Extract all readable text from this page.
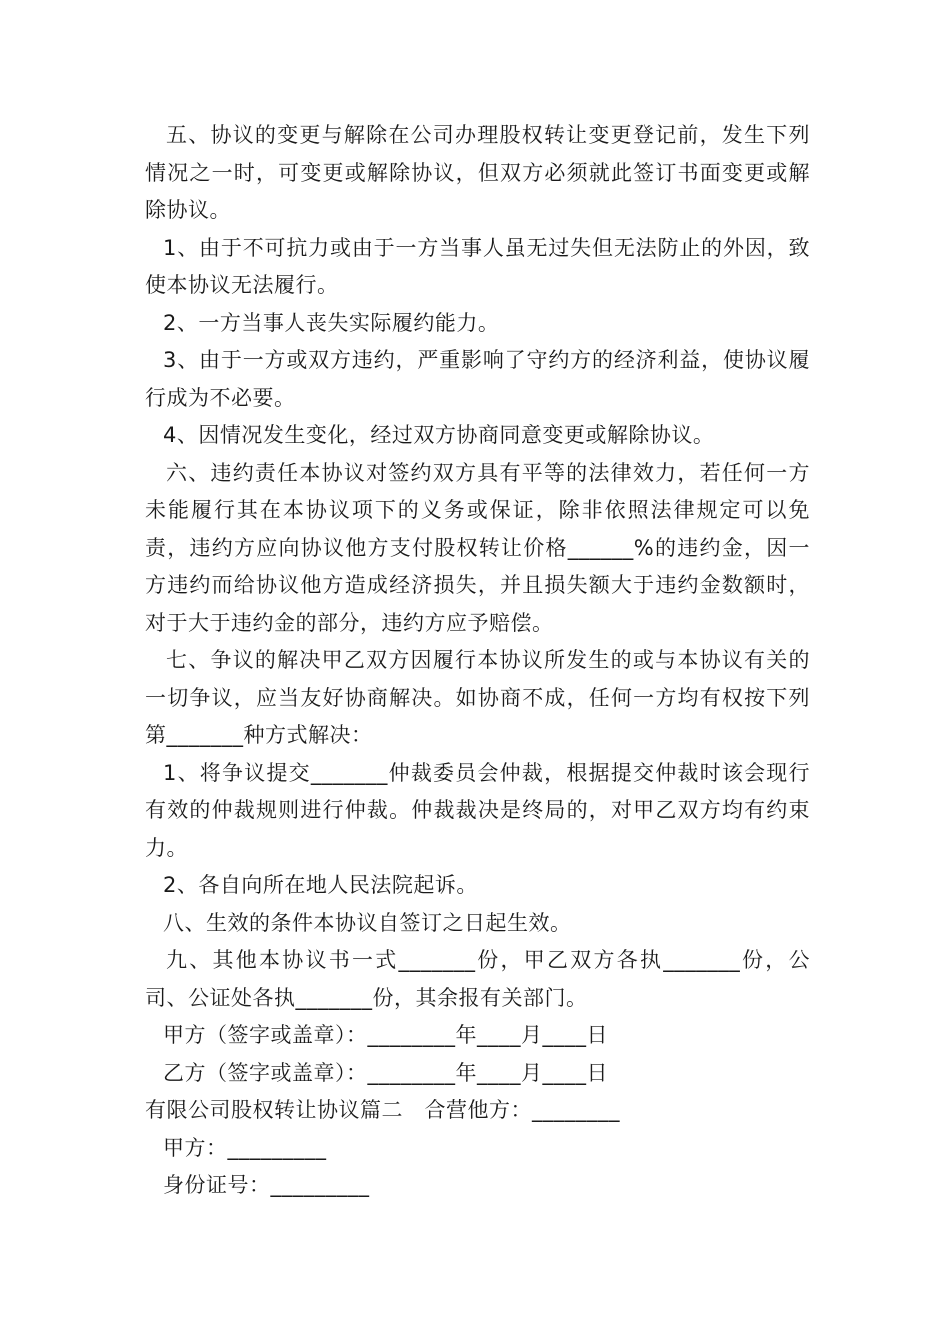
五、协议的变更与解除在公司办理股权转让变更登记前，发生下列情况之一时，可变更或解除协议，但双方必须就此签订书面变更或解除协议。

1、由于不可抗力或由于一方当事人虽无过失但无法防止的外因，致使本协议无法履行。

2、一方当事人丧失实际履约能力。

3、由于一方或双方违约，严重影响了守约方的经济利益，使协议履行成为不必要。

4、因情况发生变化，经过双方协商同意变更或解除协议。

六、违约责任本协议对签约双方具有平等的法律效力，若任何一方未能履行其在本协议项下的义务或保证，除非依照法律规定可以免责，违约方应向协议他方支付股权转让价格______%的违约金，因一方违约而给协议他方造成经济损失，并且损失额大于违约金数额时，对于大于违约金的部分，违约方应予赔偿。

七、争议的解决甲乙双方因履行本协议所发生的或与本协议有关的一切争议，应当友好协商解决。如协商不成，任何一方均有权按下列第_______种方式解决：

1、将争议提交_______仲裁委员会仲裁，根据提交仲裁时该会现行有效的仲裁规则进行仲裁。仲裁裁决是终局的，对甲乙双方均有约束力。

2、各自向所在地人民法院起诉。

八、生效的条件本协议自签订之日起生效。

九、其他本协议书一式_______份，甲乙双方各执_______份，公司、公证处各执_______份，其余报有关部门。

甲方（签字或盖章）：________年____月____日

乙方（签字或盖章）：________年____月____日

有限公司股权转让协议篇二　合营他方：________

甲方：_________

身份证号：_________
